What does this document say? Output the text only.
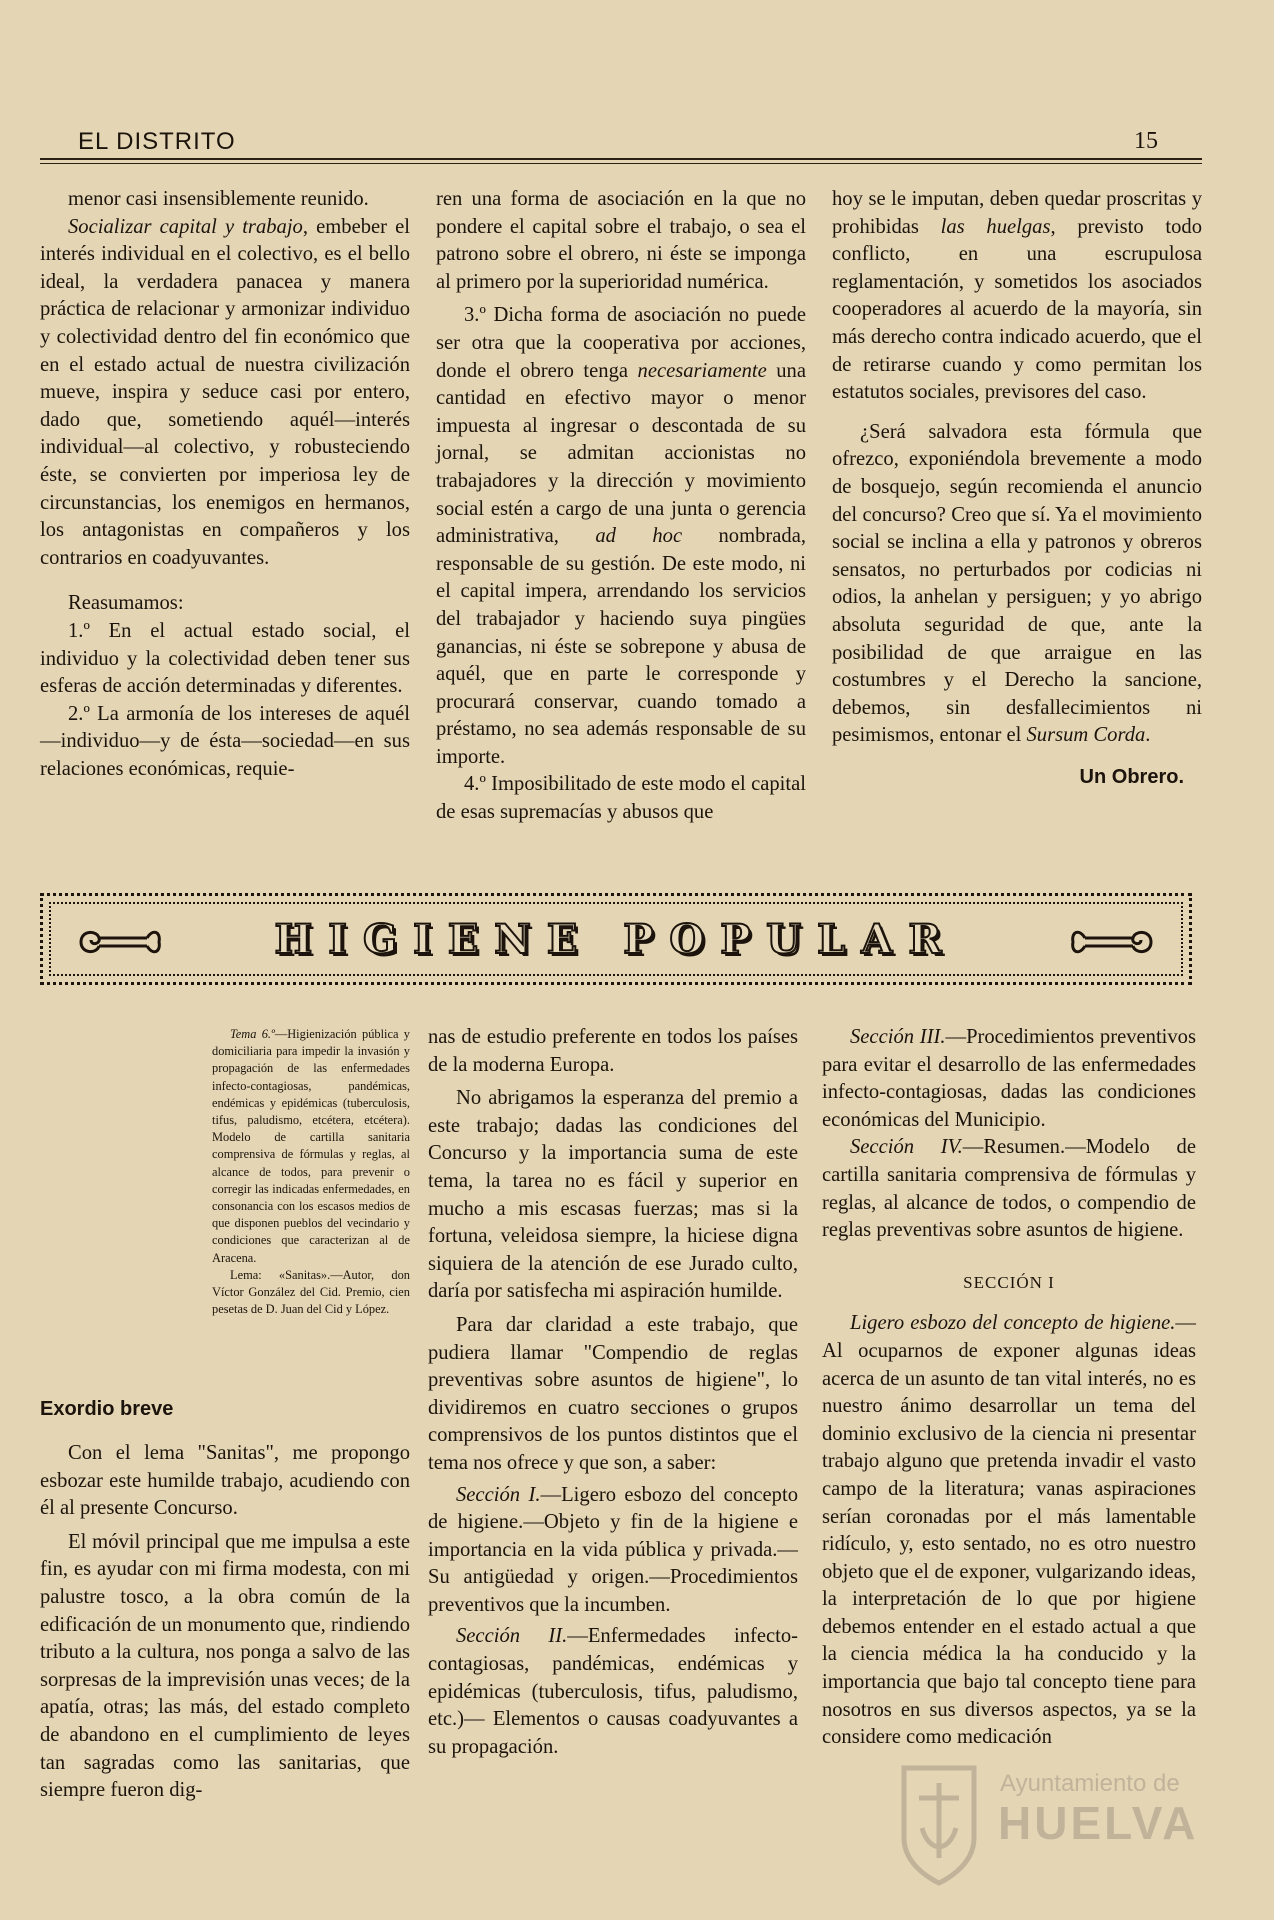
EL DISTRITO	15

menor casi insensiblemente reunido.

Socializar capital y trabajo, embeber el interés individual en el colectivo, es el bello ideal, la verdadera panacea y manera práctica de relacionar y armonizar individuo y colectividad dentro del fin económico que en el estado actual de nuestra civilización mueve, inspira y seduce casi por entero, dado que, sometiendo aquél—interés individual—al colectivo, y robusteciendo éste, se convierten por imperiosa ley de circunstancias, los enemigos en hermanos, los antagonistas en compañeros y los contrarios en coadyuvantes.

Reasumamos:

1.º En el actual estado social, el individuo y la colectividad deben tener sus esferas de acción determinadas y diferentes.

2.º La armonía de los intereses de aquél—individuo—y de ésta—sociedad—en sus relaciones económicas, requie-

ren una forma de asociación en la que no pondere el capital sobre el trabajo, o sea el patrono sobre el obrero, ni éste se imponga al primero por la superioridad numérica.

3.º Dicha forma de asociación no puede ser otra que la cooperativa por acciones, donde el obrero tenga necesariamente una cantidad en efectivo mayor o menor impuesta al ingresar o descontada de su jornal, se admitan accionistas no trabajadores y la dirección y movimiento social estén a cargo de una junta o gerencia administrativa, ad hoc nombrada, responsable de su gestión. De este modo, ni el capital impera, arrendando los servicios del trabajador y haciendo suya pingües ganancias, ni éste se sobrepone y abusa de aquél, que en parte le corresponde y procurará conservar, cuando tomado a préstamo, no sea además responsable de su importe.

4.º Imposibilitado de este modo el capital de esas supremacías y abusos que

hoy se le imputan, deben quedar proscritas y prohibidas las huelgas, previsto todo conflicto, en una escrupulosa reglamentación, y sometidos los asociados cooperadores al acuerdo de la mayoría, sin más derecho contra indicado acuerdo, que el de retirarse cuando y como permitan los estatutos sociales, previsores del caso.

¿Será salvadora esta fórmula que ofrezco, exponiéndola brevemente a modo de bosquejo, según recomienda el anuncio del concurso? Creo que sí. Ya el movimiento social se inclina a ella y patronos y obreros sensatos, no perturbados por codicias ni odios, la anhelan y persiguen; y yo abrigo absoluta seguridad de que, ante la posibilidad de que arraigue en las costumbres y el Derecho la sancione, debemos, sin desfallecimientos ni pesimismos, entonar el Sursum Corda.

Un Obrero.
HIGIENE POPULAR

Tema 6.º—Higienización pública y domiciliaria para impedir la invasión y propagación de las enfermedades infecto-contagiosas, pandémicas, endémicas y epidémicas (tuberculosis, tifus, paludismo, etcétera, etcétera). Modelo de cartilla sanitaria comprensiva de fórmulas y reglas, al alcance de todos, para prevenir o corregir las indicadas enfermedades, en consonancia con los escasos medios de que disponen pueblos del vecindario y condiciones que caracterizan al de Aracena.

Lema: «Sanitas».—Autor, don Víctor González del Cid. Premio, cien pesetas de D. Juan del Cid y López.

Exordio breve

Con el lema "Sanitas", me propongo esbozar este humilde trabajo, acudiendo con él al presente Concurso.

El móvil principal que me impulsa a este fin, es ayudar con mi firma modesta, con mi palustre tosco, a la obra común de la edificación de un monumento que, rindiendo tributo a la cultura, nos ponga a salvo de las sorpresas de la imprevisión unas veces; de la apatía, otras; las más, del estado completo de abandono en el cumplimiento de leyes tan sagradas como las sanitarias, que siempre fueron dig-

nas de estudio preferente en todos los países de la moderna Europa.

No abrigamos la esperanza del premio a este trabajo; dadas las condiciones del Concurso y la importancia suma de este tema, la tarea no es fácil y superior en mucho a mis escasas fuerzas; mas si la fortuna, veleidosa siempre, la hiciese digna siquiera de la atención de ese Jurado culto, daría por satisfecha mi aspiración humilde.

Para dar claridad a este trabajo, que pudiera llamar "Compendio de reglas preventivas sobre asuntos de higiene", lo dividiremos en cuatro secciones o grupos comprensivos de los puntos distintos que el tema nos ofrece y que son, a saber:

Sección I.—Ligero esbozo del concepto de higiene.—Objeto y fin de la higiene e importancia en la vida pública y privada.—Su antigüedad y origen.—Procedimientos preventivos que la incumben.

Sección II.—Enfermedades infecto-contagiosas, pandémicas, endémicas y epidémicas (tuberculosis, tifus, paludismo, etc.)— Elementos o causas coadyuvantes a su propagación.

Sección III.—Procedimientos preventivos para evitar el desarrollo de las enfermedades infecto-contagiosas, dadas las condiciones económicas del Municipio.

Sección IV.—Resumen.—Modelo de cartilla sanitaria comprensiva de fórmulas y reglas, al alcance de todos, o compendio de reglas preventivas sobre asuntos de higiene.

SECCIÓN I

Ligero esbozo del concepto de higiene.—Al ocuparnos de exponer algunas ideas acerca de un asunto de tan vital interés, no es nuestro ánimo desarrollar un tema del dominio exclusivo de la ciencia ni presentar trabajo alguno que pretenda invadir el vasto campo de la literatura; vanas aspiraciones serían coronadas por el más lamentable ridículo, y, esto sentado, no es otro nuestro objeto que el de exponer, vulgarizando ideas, la interpretación de lo que por higiene debemos entender en el estado actual a que la ciencia médica la ha conducido y la importancia que bajo tal concepto tiene para nosotros en sus diversos aspectos, ya se la considere como medicación

Ayuntamiento de
HUELVA
